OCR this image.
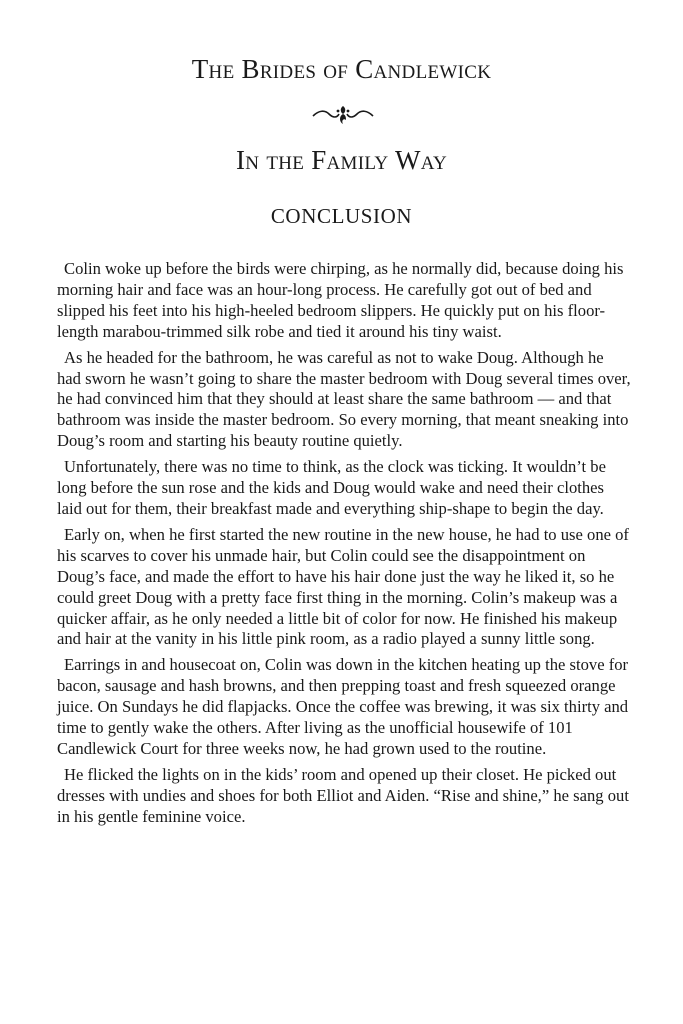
The Brides of Candlewick
In the Family Way
CONCLUSION

Colin woke up before the birds were chirping, as he normally did, because doing his morning hair and face was an hour-long process. He carefully got out of bed and slipped his feet into his high-heeled bedroom slippers. He quickly put on his floor-length marabou-trimmed silk robe and tied it around his tiny waist.

As he headed for the bathroom, he was careful as not to wake Doug. Although he had sworn he wasn’t going to share the master bedroom with Doug several times over, he had convinced him that they should at least share the same bathroom — and that bathroom was inside the master bedroom. So every morning, that meant sneaking into Doug’s room and starting his beauty routine quietly.

Unfortunately, there was no time to think, as the clock was ticking. It wouldn’t be long before the sun rose and the kids and Doug would wake and need their clothes laid out for them, their breakfast made and everything ship-shape to begin the day.

Early on, when he first started the new routine in the new house, he had to use one of his scarves to cover his unmade hair, but Colin could see the disappointment on Doug’s face, and made the effort to have his hair done just the way he liked it, so he could greet Doug with a pretty face first thing in the morning. Colin’s makeup was a quicker affair, as he only needed a little bit of color for now. He finished his makeup and hair at the vanity in his little pink room, as a radio played a sunny little song.

Earrings in and housecoat on, Colin was down in the kitchen heating up the stove for bacon, sausage and hash browns, and then prepping toast and fresh squeezed orange juice. On Sundays he did flapjacks. Once the coffee was brewing, it was six thirty and time to gently wake the others. After living as the unofficial housewife of 101 Candlewick Court for three weeks now, he had grown used to the routine.

He flicked the lights on in the kids’ room and opened up their closet. He picked out dresses with undies and shoes for both Elliot and Aiden. “Rise and shine,” he sang out in his gentle feminine voice.
